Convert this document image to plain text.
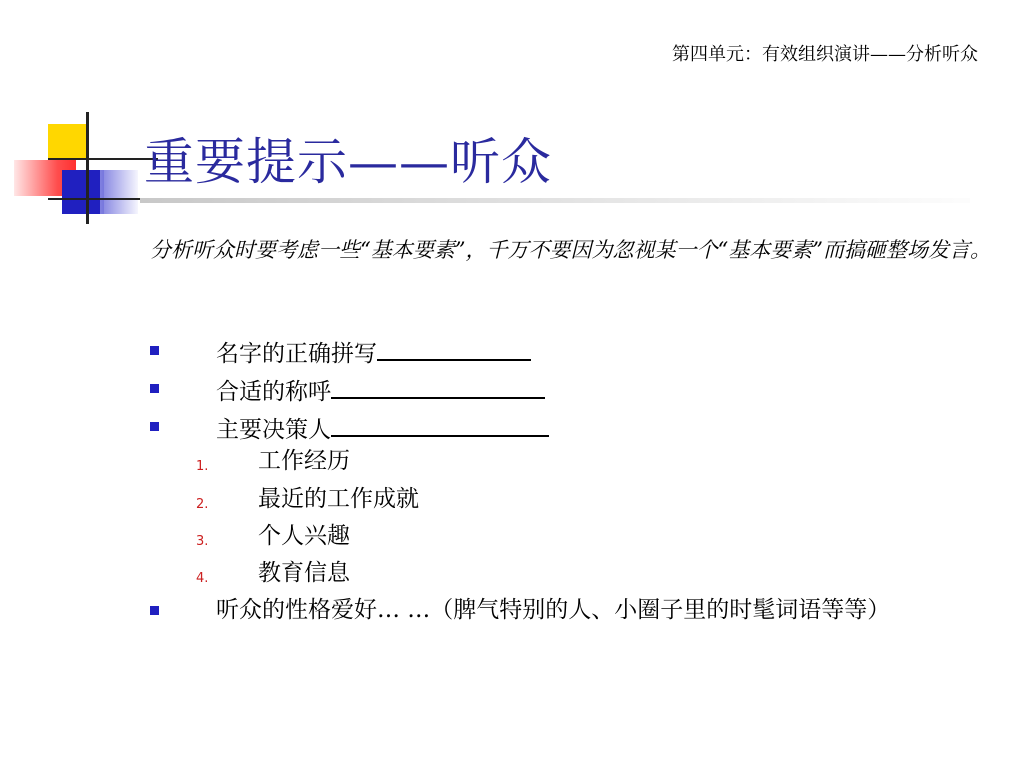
第四单元：有效组织演讲——分析听众
重要提示——听众
分析听众时要考虑一些“基本要素”，千万不要因为忽视某一个“基本要素”而搞砸整场发言。
名字的正确拼写
合适的称呼
主要决策人
1. 工作经历
2. 最近的工作成就
3. 个人兴趣
4. 教育信息
听众的性格爱好… …（脾气特别的人、小圈子里的时髦词语等等）
